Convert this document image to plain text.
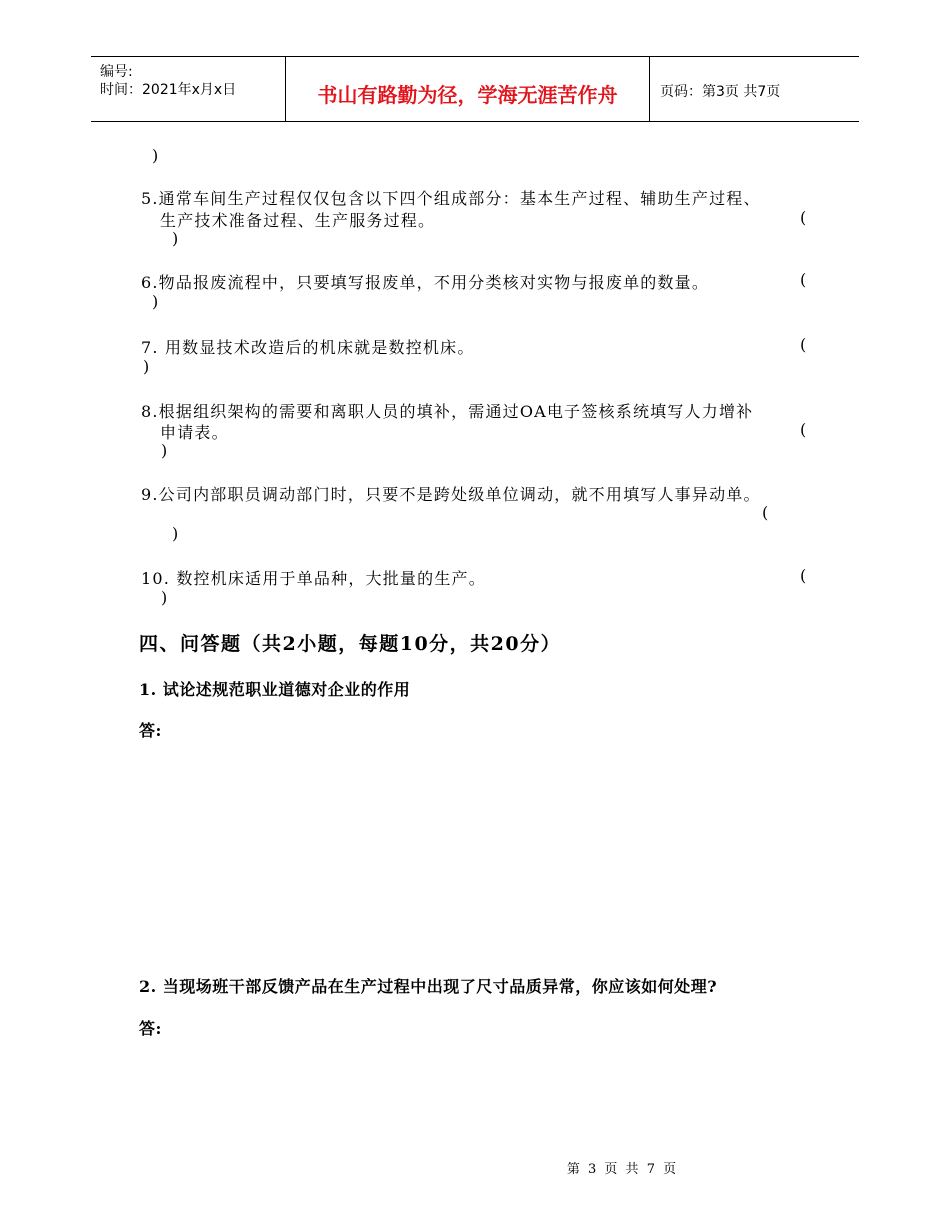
编号:
时间：2021年x月x日	书山有路勤为径，学海无涯苦作舟	页码：第3页 共7页
)
5.通常车间生产过程仅仅包含以下四个组成部分：基本生产过程、辅助生产过程、
生产技术准备过程、生产服务过程。	(
)
6.物品报废流程中，只要填写报废单，不用分类核对实物与报废单的数量。	(
)
7. 用数显技术改造后的机床就是数控机床。	(
)
8.根据组织架构的需要和离职人员的填补，需通过OA电子签核系统填写人力增补
申请表。	(
)
9.公司内部职员调动部门时，只要不是跨处级单位调动，就不用填写人事异动单。
(
)
10. 数控机床适用于单品种，大批量的生产。	(
)
四、问答题（共2小题，每题10分，共20分）
1. 试论述规范职业道德对企业的作用
答:
2. 当现场班干部反馈产品在生产过程中出现了尺寸品质异常，你应该如何处理?
答:
第 3 页 共 7 页
